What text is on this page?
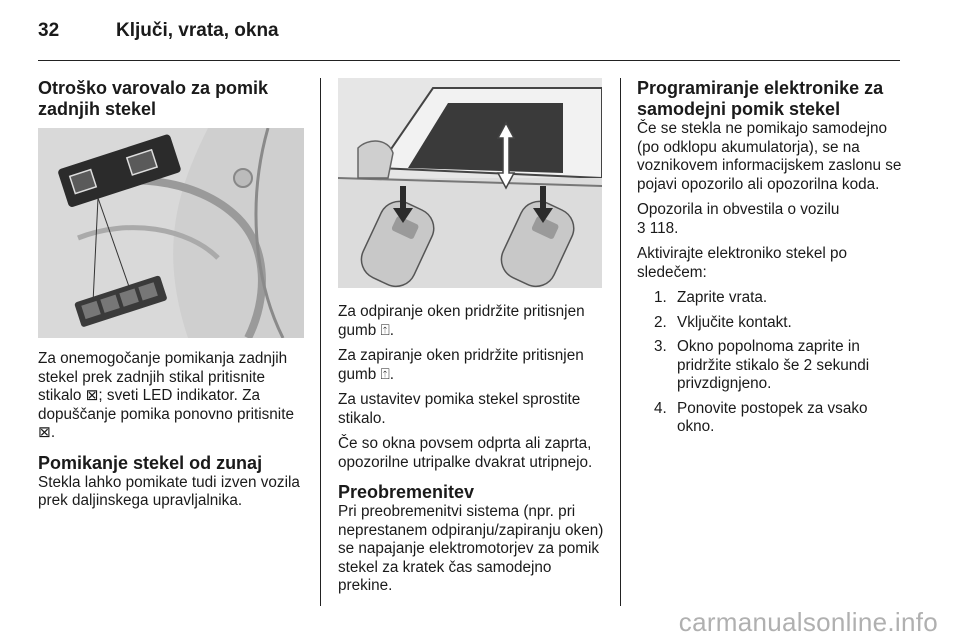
32	Ključi, vrata, okna
Otroško varovalo za pomik zadnjih stekel

Za onemogočanje pomikanja zadnjih stekel prek zadnjih stikal pritisnite stikalo ⊠; sveti LED indikator. Za dopuščanje pomika ponovno pritisnite ⊠.

Pomikanje stekel od zunaj

Stekla lahko pomikate tudi izven vozila prek daljinskega upravljalnika.

Za odpiranje oken pridržite pritisnjen gumb ⍐.

Za zapiranje oken pridržite pritisnjen gumb ⍐.

Za ustavitev pomika stekel sprostite stikalo.

Če so okna povsem odprta ali zaprta, opozorilne utripalke dvakrat utripnejo.

Preobremenitev

Pri preobremenitvi sistema (npr. pri neprestanem odpiranju/zapiranju oken) se napajanje elektromotorjev za pomik stekel za kratek čas samodejno prekine.

Programiranje elektronike za samodejni pomik stekel

Če se stekla ne pomikajo samodejno (po odklopu akumulatorja), se na voznikovem informacijskem zaslonu se pojavi opozorilo ali opozorilna koda.

Opozorila in obvestila o vozilu
3 118.

Aktivirajte elektroniko stekel po sledečem:

1. Zaprite vrata.
2. Vključite kontakt.
3. Okno popolnoma zaprite in pridržite stikalo še 2 sekundi privzdignjeno.
4. Ponovite postopek za vsako okno.
carmanualsonline.info
